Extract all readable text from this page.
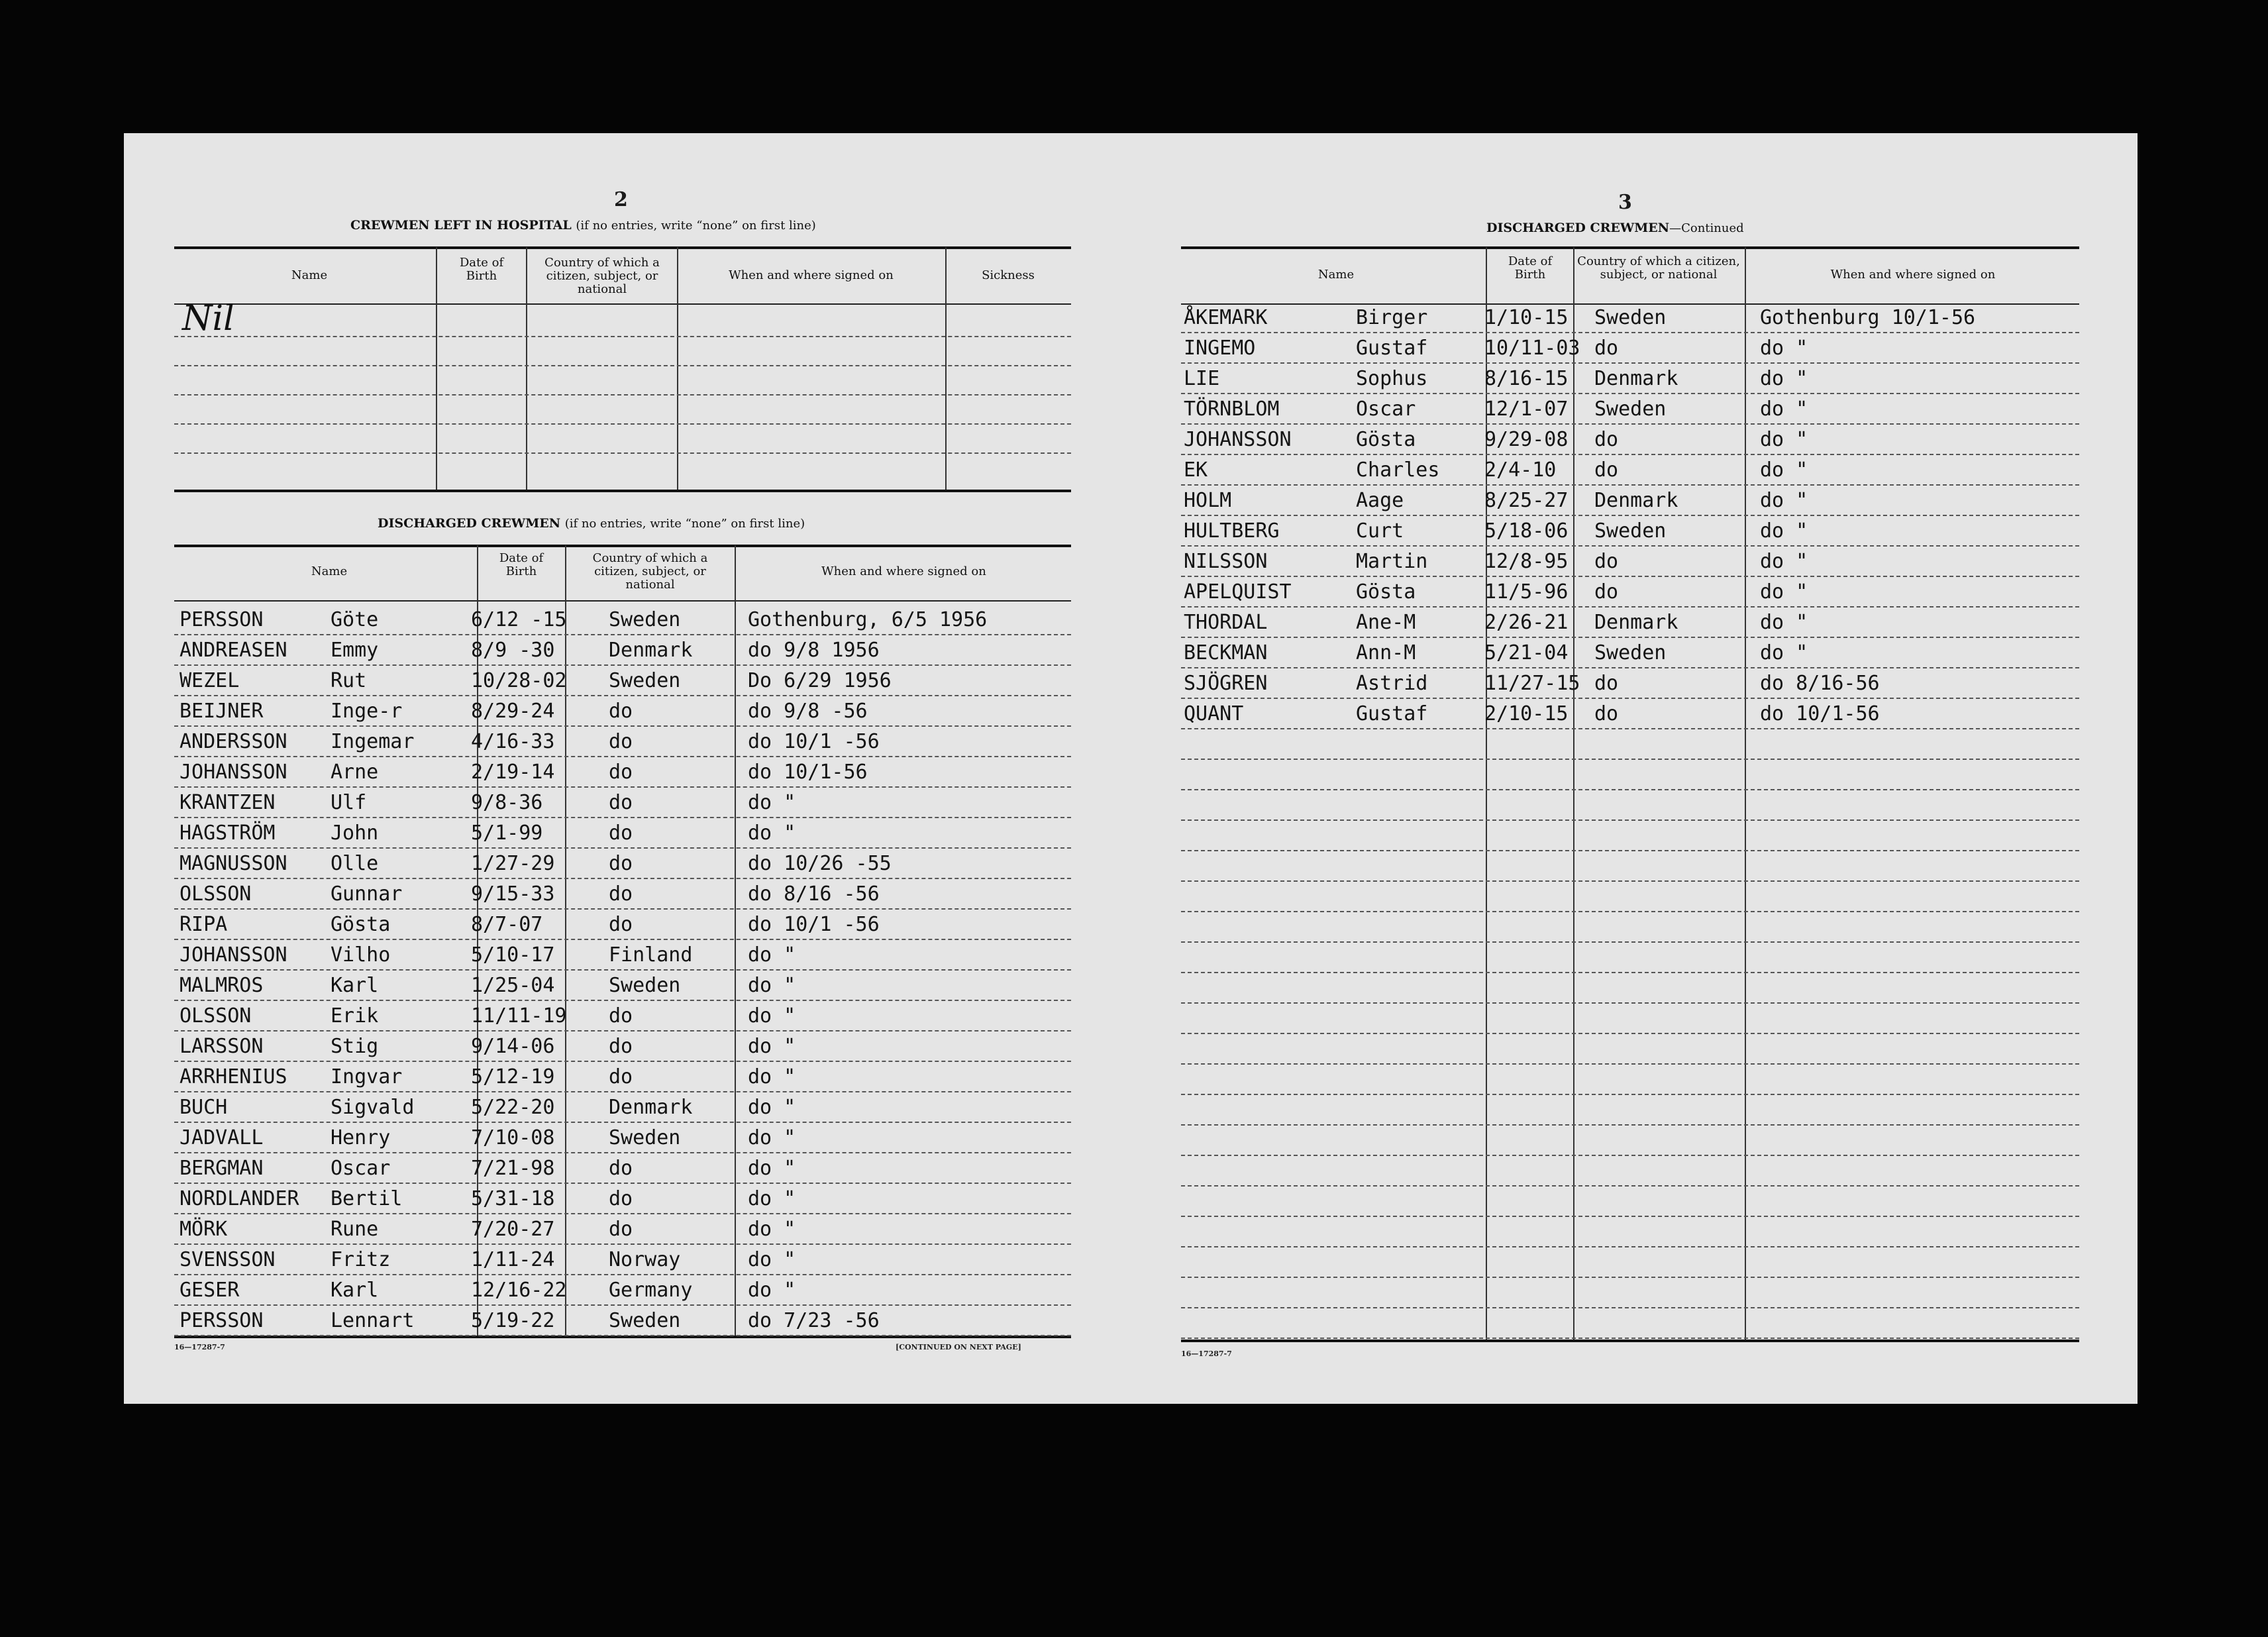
2
CREWMEN LEFT IN HOSPITAL (if no entries, write “none” on first line)
Name
Date of Birth
Country of which a citizen, subject, or national
When and where signed on	Sickness
Nil
DISCHARGED CREWMEN (if no entries, write “none” on first line)
Name
Date of Birth
Country of which a citizen, subject, or national
When and where signed on
PERSSON	Göte	6/12 -15 Sweden	Gothenburg, 6/5 1956
ANDREASEN Emmy	8/9 -30	Denmark	do 9/8 1956
WEZEL	Rut	10/28-02 Sweden	Do 6/29 1956
BEIJNER	Inge-r	8/29-24	do	do 9/8 -56
ANDERSSON Ingemar	4/16-33	do	do 10/1 -56
JOHANSSON Arne	2/19-14	do	do 10/1-56
KRANTZEN	Ulf	9/8-36	do	do "
HAGSTRÖM	John	5/1-99	do	do "
MAGNUSSON Olle	1/27-29	do	do 10/26 -55
OLSSON	Gunnar	9/15-33	do	do 8/16 -56
RIPA	Gösta	8/7-07	do	do 10/1 -56
JOHANSSON Vilho	5/10-17	Finland	do "
MALMROS	Karl	1/25-04	Sweden	do "
OLSSON	Erik	11/11-19 do	do "
LARSSON	Stig	9/14-06	do	do "
ARRHENIUS Ingvar	5/12-19	do	do "
BUCH	Sigvald	5/22-20	Denmark	do "
JADVALL	Henry	7/10-08	Sweden	do "
BERGMAN	Oscar	7/21-98	do	do "
NORDLANDER Bertil	5/31-18	do	do "
MÖRK	Rune	7/20-27	do	do "
SVENSSON	Fritz	1/11-24	Norway	do "
GESER	Karl	12/16-22 Germany	do "
PERSSON	Lennart	5/19-22	Sweden	do 7/23 -56
16—17287-7	[CONTINUED ON NEXT PAGE]
3
DISCHARGED CREWMEN—Continued
Name
Date of Birth
Country of which a citizen, subject, or national	When and where signed on
ÅKEMARK	Birger	1/10-15 Sweden	Gothenburg 10/1-56
INGEMO	Gustaf	10/11-03 do	do "
LIE	Sophus	8/16-15 Denmark	do "
TÖRNBLOM	Oscar	12/1-07 Sweden	do "
JOHANSSON	Gösta	9/29-08 do	do "
EK	Charles 2/4-10 do	do "
HOLM	Aage	8/25-27 Denmark	do "
HULTBERG	Curt	5/18-06 Sweden	do "
NILSSON	Martin	12/8-95 do	do "
APELQUIST	Gösta	11/5-96 do	do "
THORDAL	Ane-M	2/26-21 Denmark	do "
BECKMAN	Ann-M	5/21-04 Sweden	do "
SJÖGREN	Astrid	11/27-15 do	do 8/16-56
QUANT	Gustaf	2/10-15 do	do 10/1-56
16—17287-7
